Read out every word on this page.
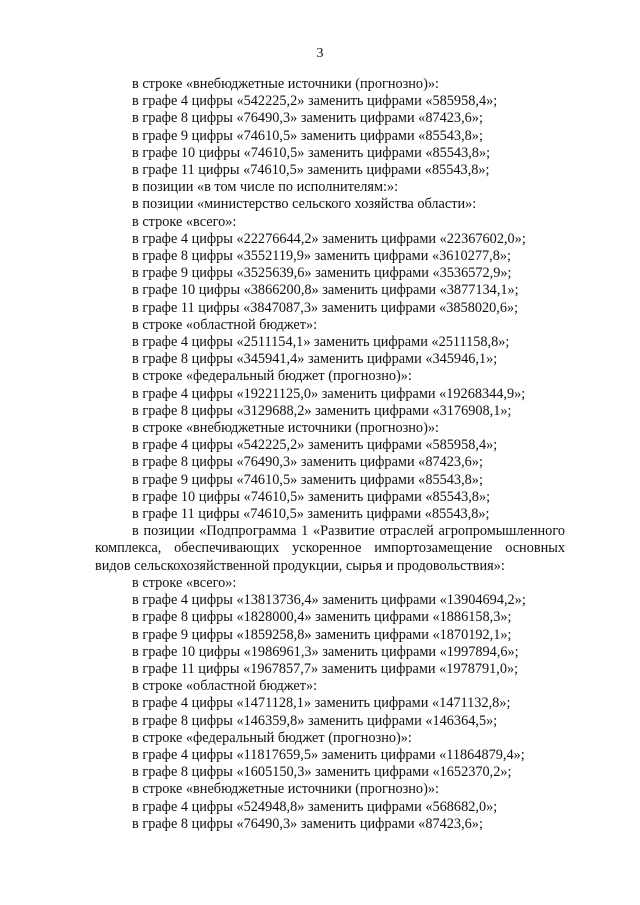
3
в строке «внебюджетные источники (прогнозно)»:
в графе 4 цифры «542225,2» заменить цифрами «585958,4»;
в графе 8 цифры «76490,3» заменить цифрами «87423,6»;
в графе 9 цифры «74610,5» заменить цифрами «85543,8»;
в графе 10 цифры «74610,5» заменить цифрами «85543,8»;
в графе 11 цифры «74610,5» заменить цифрами «85543,8»;
в позиции «в том числе по исполнителям:»:
в позиции «министерство сельского хозяйства области»:
в строке «всего»:
в графе 4 цифры «22276644,2» заменить цифрами «22367602,0»;
в графе 8 цифры «3552119,9» заменить цифрами «3610277,8»;
в графе 9 цифры «3525639,6» заменить цифрами «3536572,9»;
в графе 10 цифры «3866200,8» заменить цифрами «3877134,1»;
в графе 11 цифры «3847087,3» заменить цифрами «3858020,6»;
в строке «областной бюджет»:
в графе 4 цифры «2511154,1» заменить цифрами «2511158,8»;
в графе 8 цифры «345941,4» заменить цифрами «345946,1»;
в строке «федеральный бюджет (прогнозно)»:
в графе 4 цифры «19221125,0» заменить цифрами «19268344,9»;
в графе 8 цифры «3129688,2» заменить цифрами «3176908,1»;
в строке «внебюджетные источники (прогнозно)»:
в графе 4 цифры «542225,2» заменить цифрами «585958,4»;
в графе 8 цифры «76490,3» заменить цифрами «87423,6»;
в графе 9 цифры «74610,5» заменить цифрами «85543,8»;
в графе 10 цифры «74610,5» заменить цифрами «85543,8»;
в графе 11 цифры «74610,5» заменить цифрами «85543,8»;
в позиции «Подпрограмма 1 «Развитие отраслей агропромышленного комплекса, обеспечивающих ускоренное импортозамещение основных видов сельскохозяйственной продукции, сырья и продовольствия»:
в строке «всего»:
в графе 4 цифры «13813736,4» заменить цифрами «13904694,2»;
в графе 8 цифры «1828000,4» заменить цифрами «1886158,3»;
в графе 9 цифры «1859258,8» заменить цифрами «1870192,1»;
в графе 10 цифры «1986961,3» заменить цифрами «1997894,6»;
в графе 11 цифры «1967857,7» заменить цифрами «1978791,0»;
в строке «областной бюджет»:
в графе 4 цифры «1471128,1» заменить цифрами «1471132,8»;
в графе 8 цифры «146359,8» заменить цифрами «146364,5»;
в строке «федеральный бюджет (прогнозно)»:
в графе 4 цифры «11817659,5» заменить цифрами «11864879,4»;
в графе 8 цифры «1605150,3» заменить цифрами «1652370,2»;
в строке «внебюджетные источники (прогнозно)»:
в графе 4 цифры «524948,8» заменить цифрами «568682,0»;
в графе 8 цифры «76490,3» заменить цифрами «87423,6»;
